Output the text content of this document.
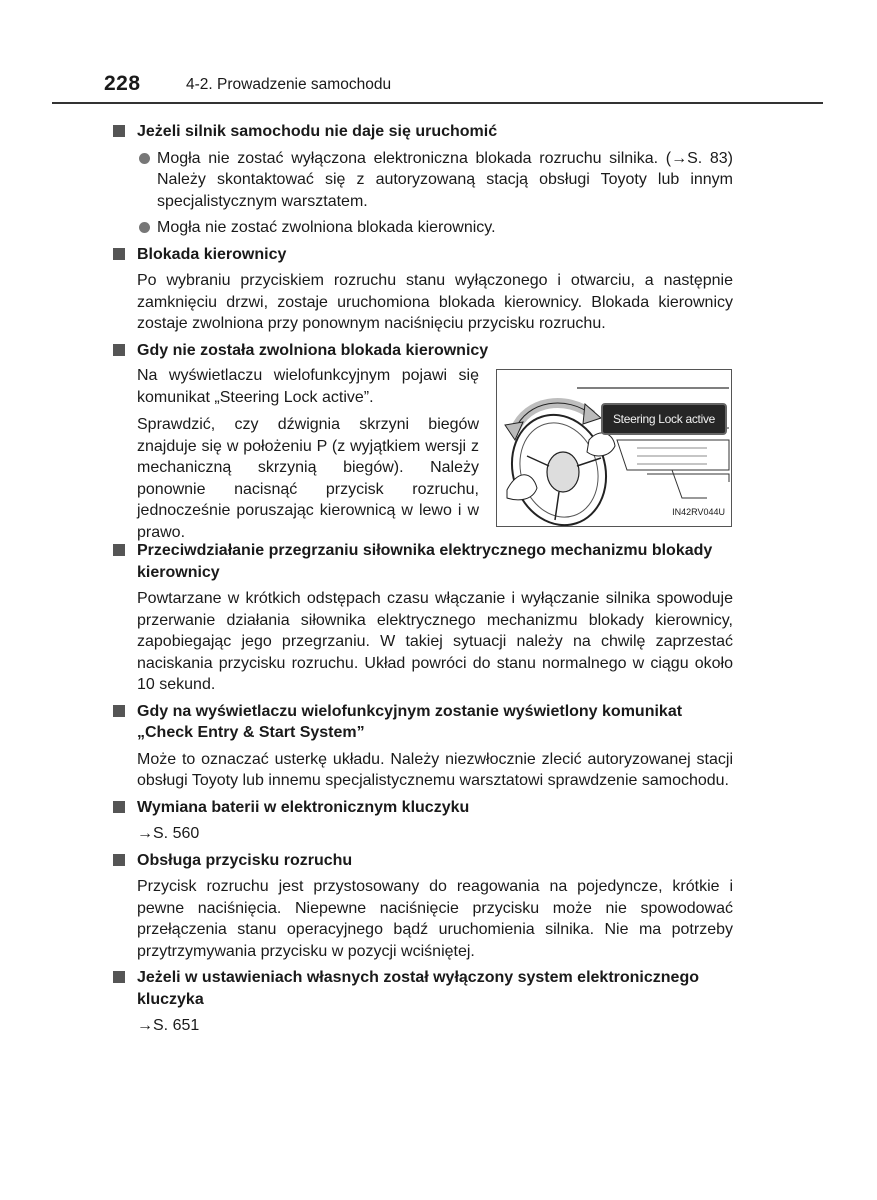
228	4-2. Prowadzenie samochodu
Jeżeli silnik samochodu nie daje się uruchomić
Mogła nie zostać wyłączona elektroniczna blokada rozruchu silnika. (→S. 83) Należy skontaktować się z autoryzowaną stacją obsługi Toyoty lub innym specjalistycznym warsztatem.
Mogła nie zostać zwolniona blokada kierownicy.
Blokada kierownicy
Po wybraniu przyciskiem rozruchu stanu wyłączonego i otwarciu, a następnie zamknięciu drzwi, zostaje uruchomiona blokada kierownicy. Blokada kierownicy zostaje zwolniona przy ponownym naciśnięciu przycisku rozruchu.
Gdy nie została zwolniona blokada kierownicy

Na wyświetlaczu wielofunkcyjnym pojawi się komunikat „Steering Lock active”.

Sprawdzić, czy dźwignia skrzyni biegów znajduje się w położeniu P (z wyjątkiem wersji z mechaniczną skrzynią biegów). Należy ponownie nacisnąć przycisk rozruchu, jednocześnie poruszając kierownicą w lewo i w prawo.

Steering Lock active
IN42RV044U
Przeciwdziałanie przegrzaniu siłownika elektrycznego mechanizmu blokady kierownicy
Powtarzane w krótkich odstępach czasu włączanie i wyłączanie silnika spowoduje przerwanie działania siłownika elektrycznego mechanizmu blokady kierownicy, zapobiegając jego przegrzaniu. W takiej sytuacji należy na chwilę zaprzestać naciskania przycisku rozruchu. Układ powróci do stanu normalnego w ciągu około 10 sekund.
Gdy na wyświetlaczu wielofunkcyjnym zostanie wyświetlony komunikat „Check Entry & Start System”
Może to oznaczać usterkę układu. Należy niezwłocznie zlecić autoryzowanej stacji obsługi Toyoty lub innemu specjalistycznemu warsztatowi sprawdzenie samochodu.
Wymiana baterii w elektronicznym kluczyku
→S. 560
Obsługa przycisku rozruchu
Przycisk rozruchu jest przystosowany do reagowania na pojedyncze, krótkie i pewne naciśnięcia. Niepewne naciśnięcie przycisku może nie spowodować przełączenia stanu operacyjnego bądź uruchomienia silnika. Nie ma potrzeby przytrzymywania przycisku w pozycji wciśniętej.
Jeżeli w ustawieniach własnych został wyłączony system elektronicznego kluczyka
→S. 651
